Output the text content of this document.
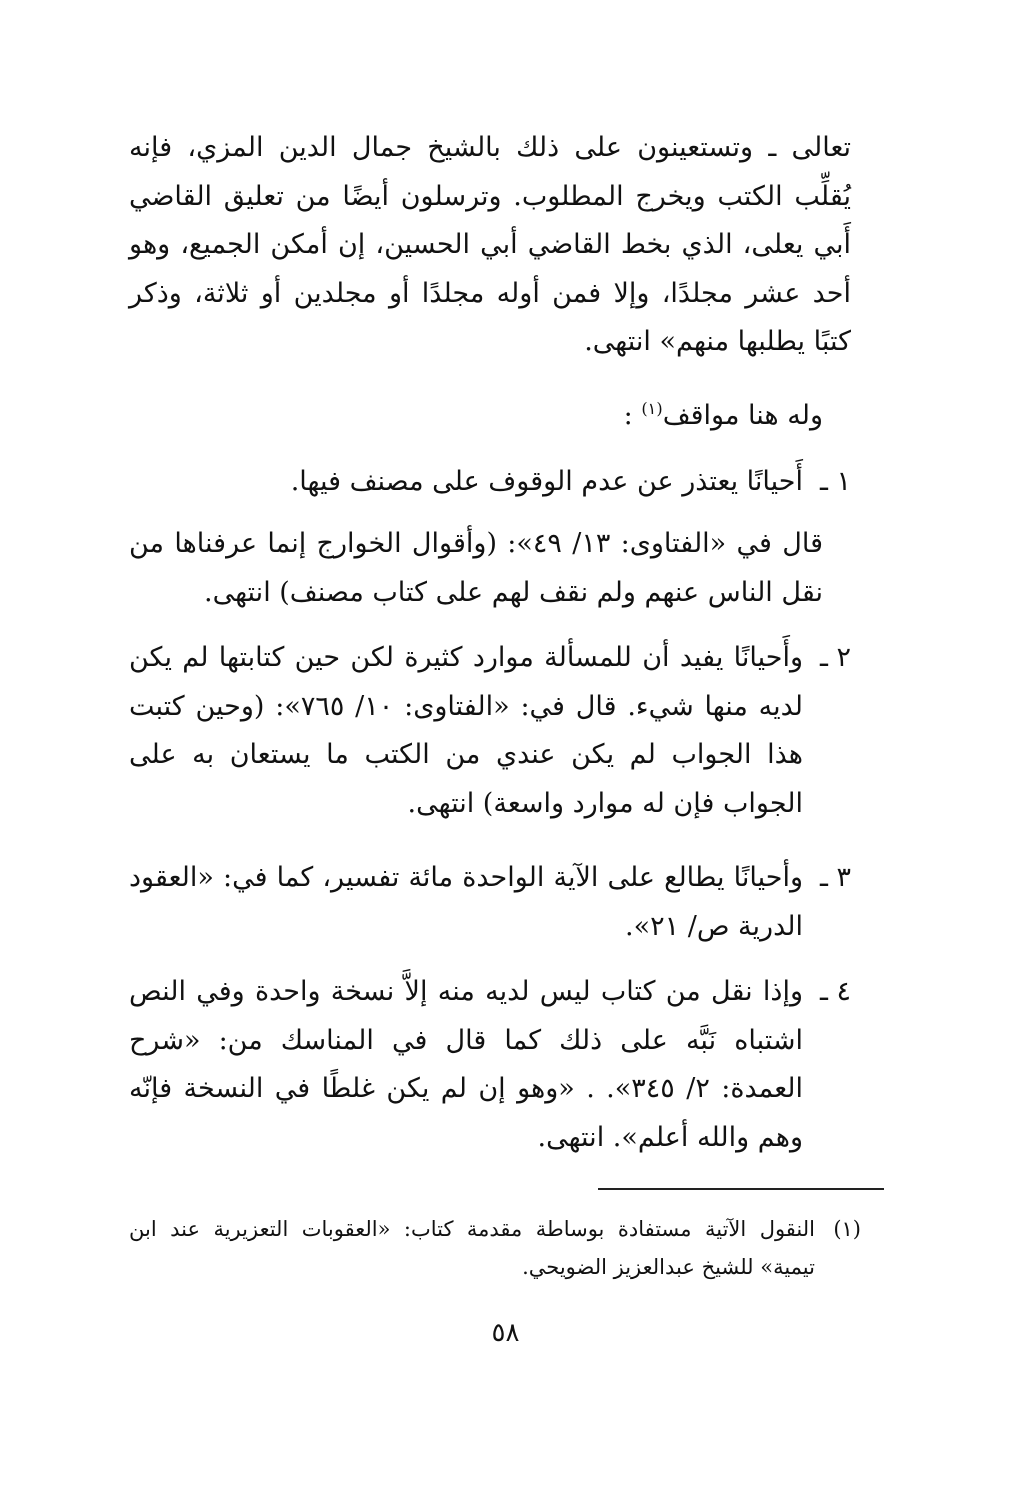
تعالى ـ وتستعينون على ذلك بالشيخ جمال الدين المزي، فإنه يُقلِّب الكتب ويخرج المطلوب. وترسلون أيضًا من تعليق القاضي أَبي يعلى، الذي بخط القاضي أبي الحسين، إن أمكن الجميع، وهو أحد عشر مجلدًا، وإلا فمن أوله مجلدًا أو مجلدين أو ثلاثة، وذكر كتبًا يطلبها منهم» انتهى.
وله هنا مواقف$^{(١)}$ :
١ ـ
أَحيانًا يعتذر عن عدم الوقوف على مصنف فيها.
قال في «الفتاوى: ١٣/ ٤٩»: (وأقوال الخوارج إنما عرفناها من نقل الناس عنهم ولم نقف لهم على كتاب مصنف) انتهى.
٢ ـ
وأَحيانًا يفيد أن للمسألة موارد كثيرة لكن حين كتابتها لم يكن لديه منها شيء. قال في: «الفتاوى: ١٠/ ٧٦٥»: (وحين كتبت هذا الجواب لم يكن عندي من الكتب ما يستعان به على الجواب فإن له موارد واسعة) انتهى.
٣ ـ
وأحيانًا يطالع على الآية الواحدة مائة تفسير، كما في: «العقود الدرية ص/ ٢١».
٤ ـ
وإذا نقل من كتاب ليس لديه منه إلاَّ نسخة واحدة وفي النص اشتباه نَبَّه على ذلك كما قال في المناسك من: «شرح العمدة: ٢/ ٣٤٥». . «وهو إن لم يكن غلطًا في النسخة فإنّه وهم والله أعلم». انتهى.
(١)
النقول الآتية مستفادة بوساطة مقدمة كتاب: «العقوبات التعزيرية عند ابن تيمية» للشيخ عبدالعزيز الضويحي.
٥٨
